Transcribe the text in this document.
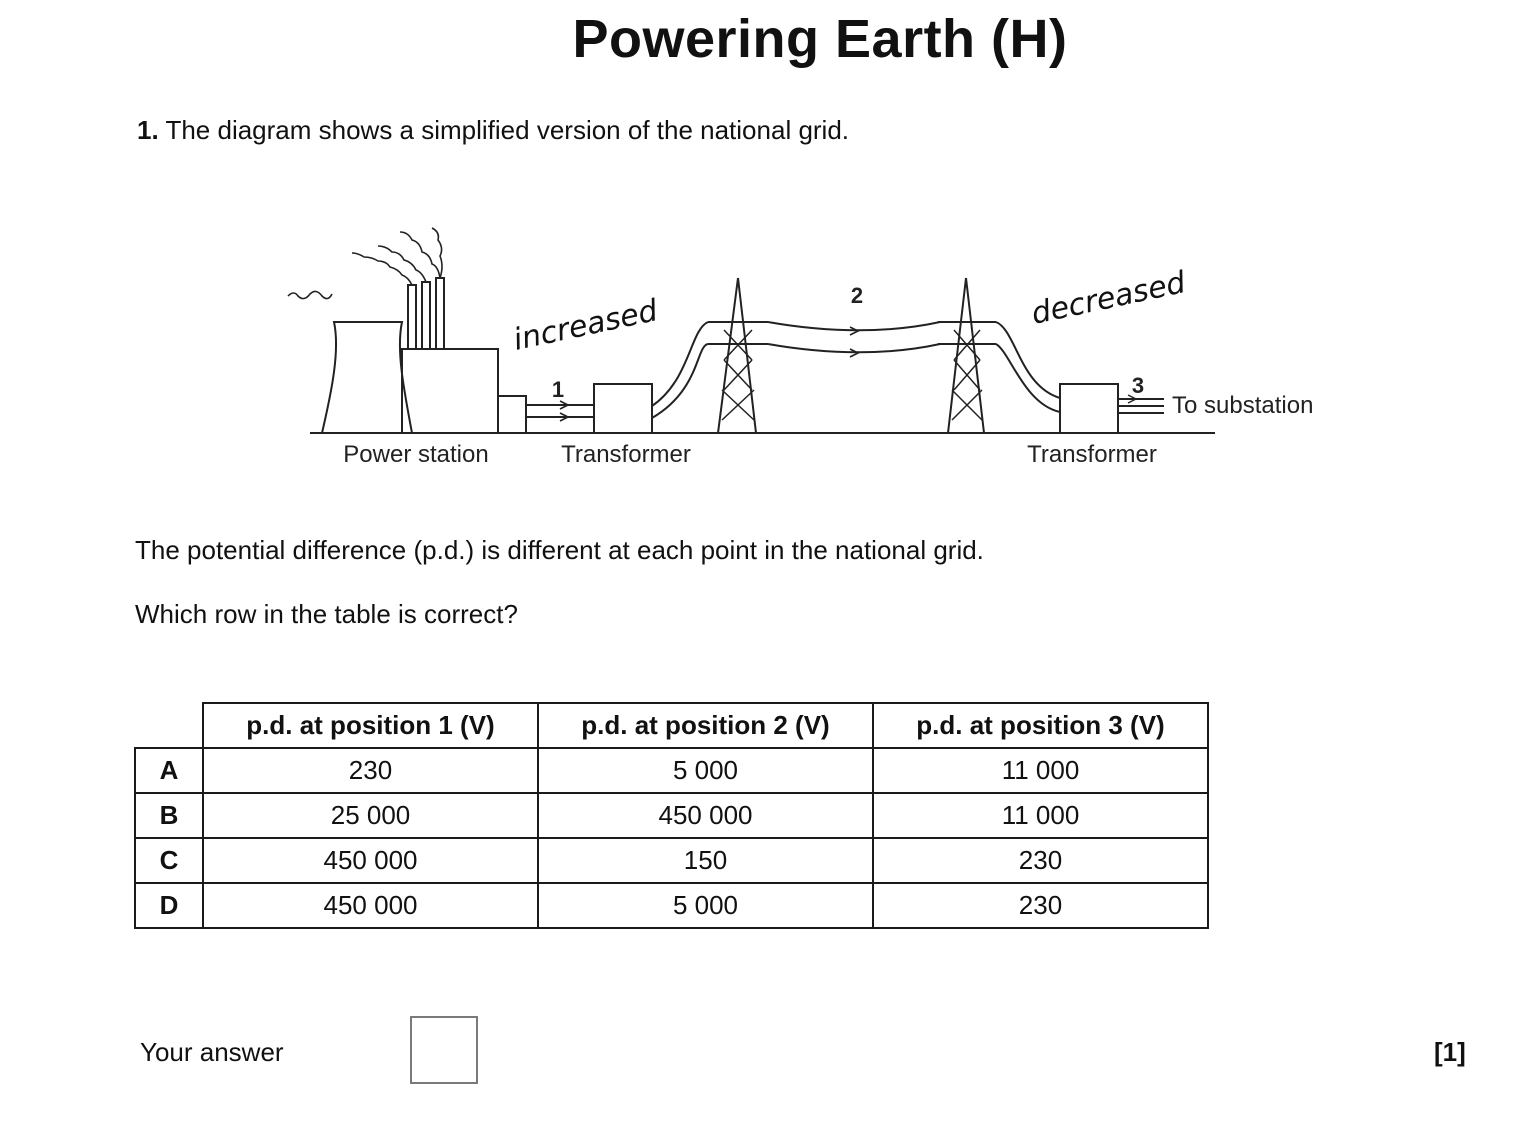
Powering Earth (H)
1. The diagram shows a simplified version of the national grid.
1
2
3
Power station	Transformer	Transformer
To substation
increased	decreased
The potential difference (p.d.) is different at each point in the national grid.
Which row in the table is correct?
	p.d. at position 1 (V)	p.d. at position 2 (V)	p.d. at position 3 (V)
A	230	5 000	11 000
B	25 000	450 000	11 000
C	450 000	150	230
D	450 000	5 000	230
Your answer	[1]
